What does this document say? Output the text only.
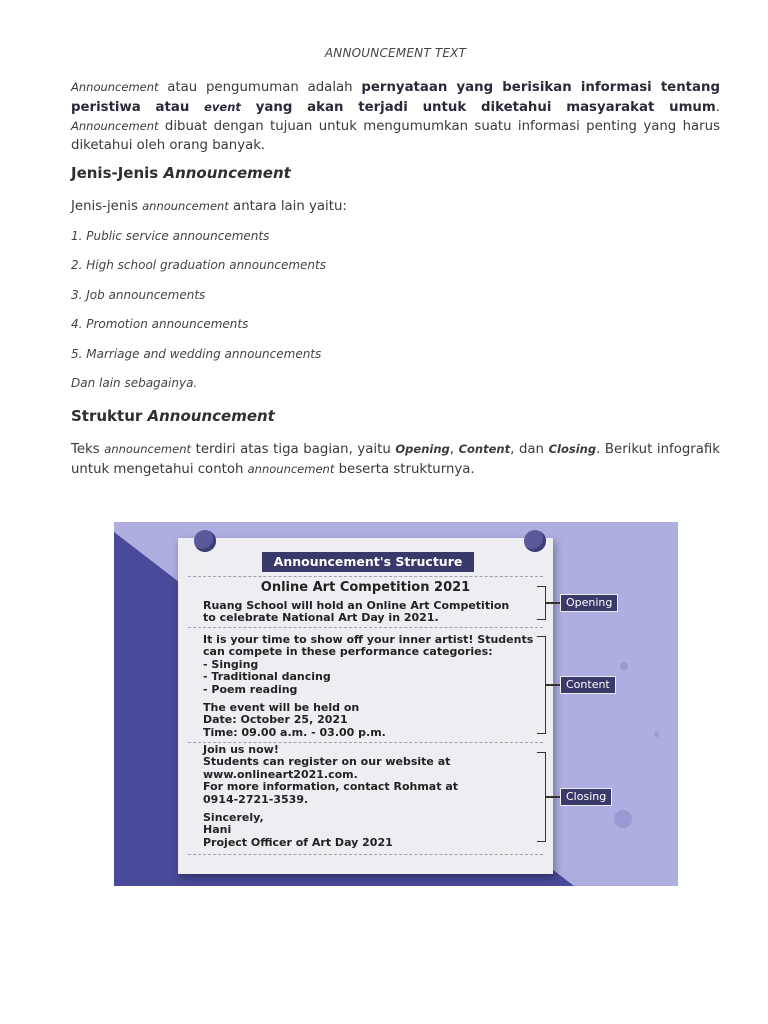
ANNOUNCEMENT TEXT
Announcement atau pengumuman adalah pernyataan yang berisikan informasi tentang peristiwa atau event yang akan terjadi untuk diketahui masyarakat umum. Announcement dibuat dengan tujuan untuk mengumumkan suatu informasi penting yang harus diketahui oleh orang banyak.
Jenis-Jenis Announcement
Jenis-jenis announcement antara lain yaitu:
1. Public service announcements
2. High school graduation announcements
3. Job announcements
4. Promotion announcements
5. Marriage and wedding announcements
Dan lain sebagainya.
Struktur Announcement
Teks announcement terdiri atas tiga bagian, yaitu Opening, Content, dan Closing. Berikut infografik untuk mengetahui contoh announcement beserta strukturnya.
Announcement's Structure
Online Art Competition 2021
Ruang School will hold an Online Art Competition
to celebrate National Art Day in 2021.
It is your time to show off your inner artist! Students
can compete in these performance categories:
- Singing
- Traditional dancing
- Poem reading
The event will be held on
Date: October 25, 2021
Time: 09.00 a.m. - 03.00 p.m.
Join us now!
Students can register on our website at
www.onlineart2021.com.
For more information, contact Rohmat at
0914-2721-3539.
Sincerely,
Hani
Project Officer of Art Day 2021
Opening
Content
Closing
